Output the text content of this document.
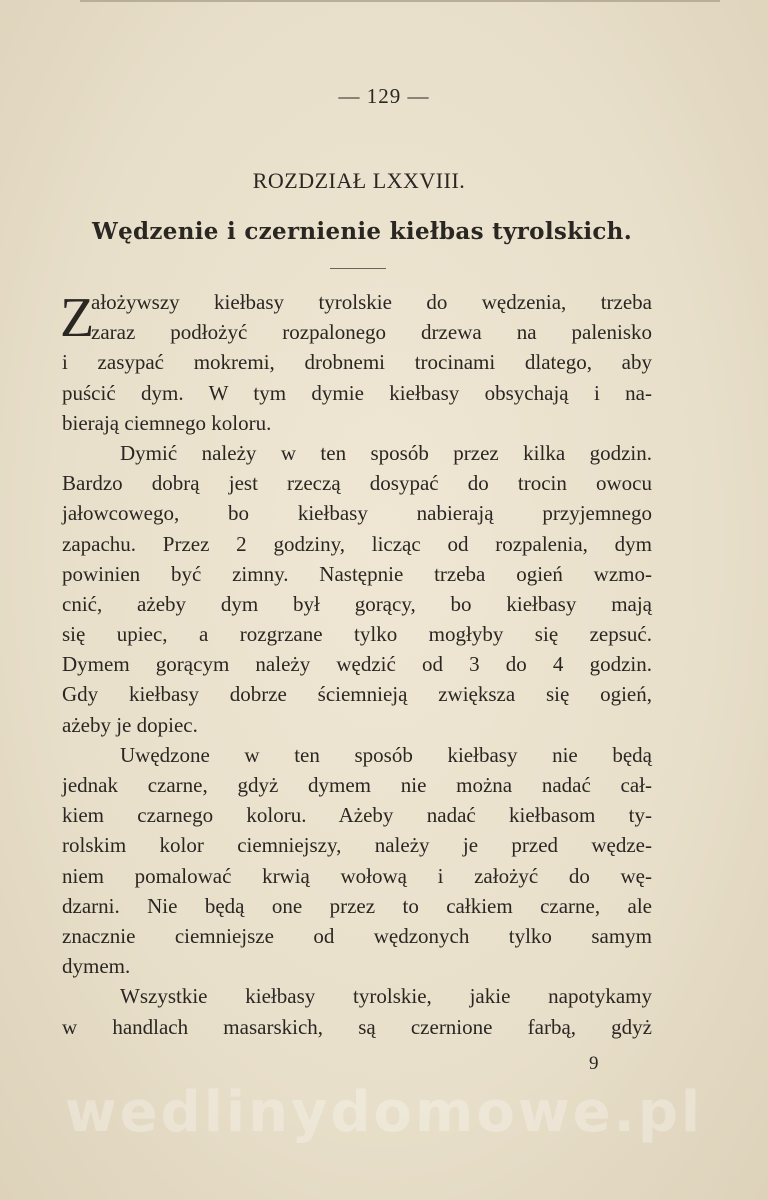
— 129 —
ROZDZIAŁ LXXVIII.
Wędzenie i czernienie kiełbas tyrolskich.
Z
ałożywszy kiełbasy tyrolskie do wędzenia, trzeba
zaraz podłożyć rozpalonego drzewa na palenisko
i zasypać mokremi, drobnemi trocinami dlatego, aby
puścić dym. W tym dymie kiełbasy obsychają i na-
bierają ciemnego koloru.
Dymić należy w ten sposób przez kilka godzin.
Bardzo dobrą jest rzeczą dosypać do trocin owocu
jałowcowego, bo kiełbasy nabierają przyjemnego
zapachu. Przez 2 godziny, licząc od rozpalenia, dym
powinien być zimny. Następnie trzeba ogień wzmo-
cnić, ażeby dym był gorący, bo kiełbasy mają
się upiec, a rozgrzane tylko mogłyby się zepsuć.
Dymem gorącym należy wędzić od 3 do 4 godzin.
Gdy kiełbasy dobrze ściemnieją zwiększa się ogień,
ażeby je dopiec.
Uwędzone w ten sposób kiełbasy nie będą
jednak czarne, gdyż dymem nie można nadać cał-
kiem czarnego koloru. Ażeby nadać kiełbasom ty-
rolskim kolor ciemniejszy, należy je przed wędze-
niem pomalować krwią wołową i założyć do wę-
dzarni. Nie będą one przez to całkiem czarne, ale
znacznie ciemniejsze od wędzonych tylko samym
dymem.
Wszystkie kiełbasy tyrolskie, jakie napotykamy
w handlach masarskich, są czernione farbą, gdyż
9
wedlinydomowe.pl
